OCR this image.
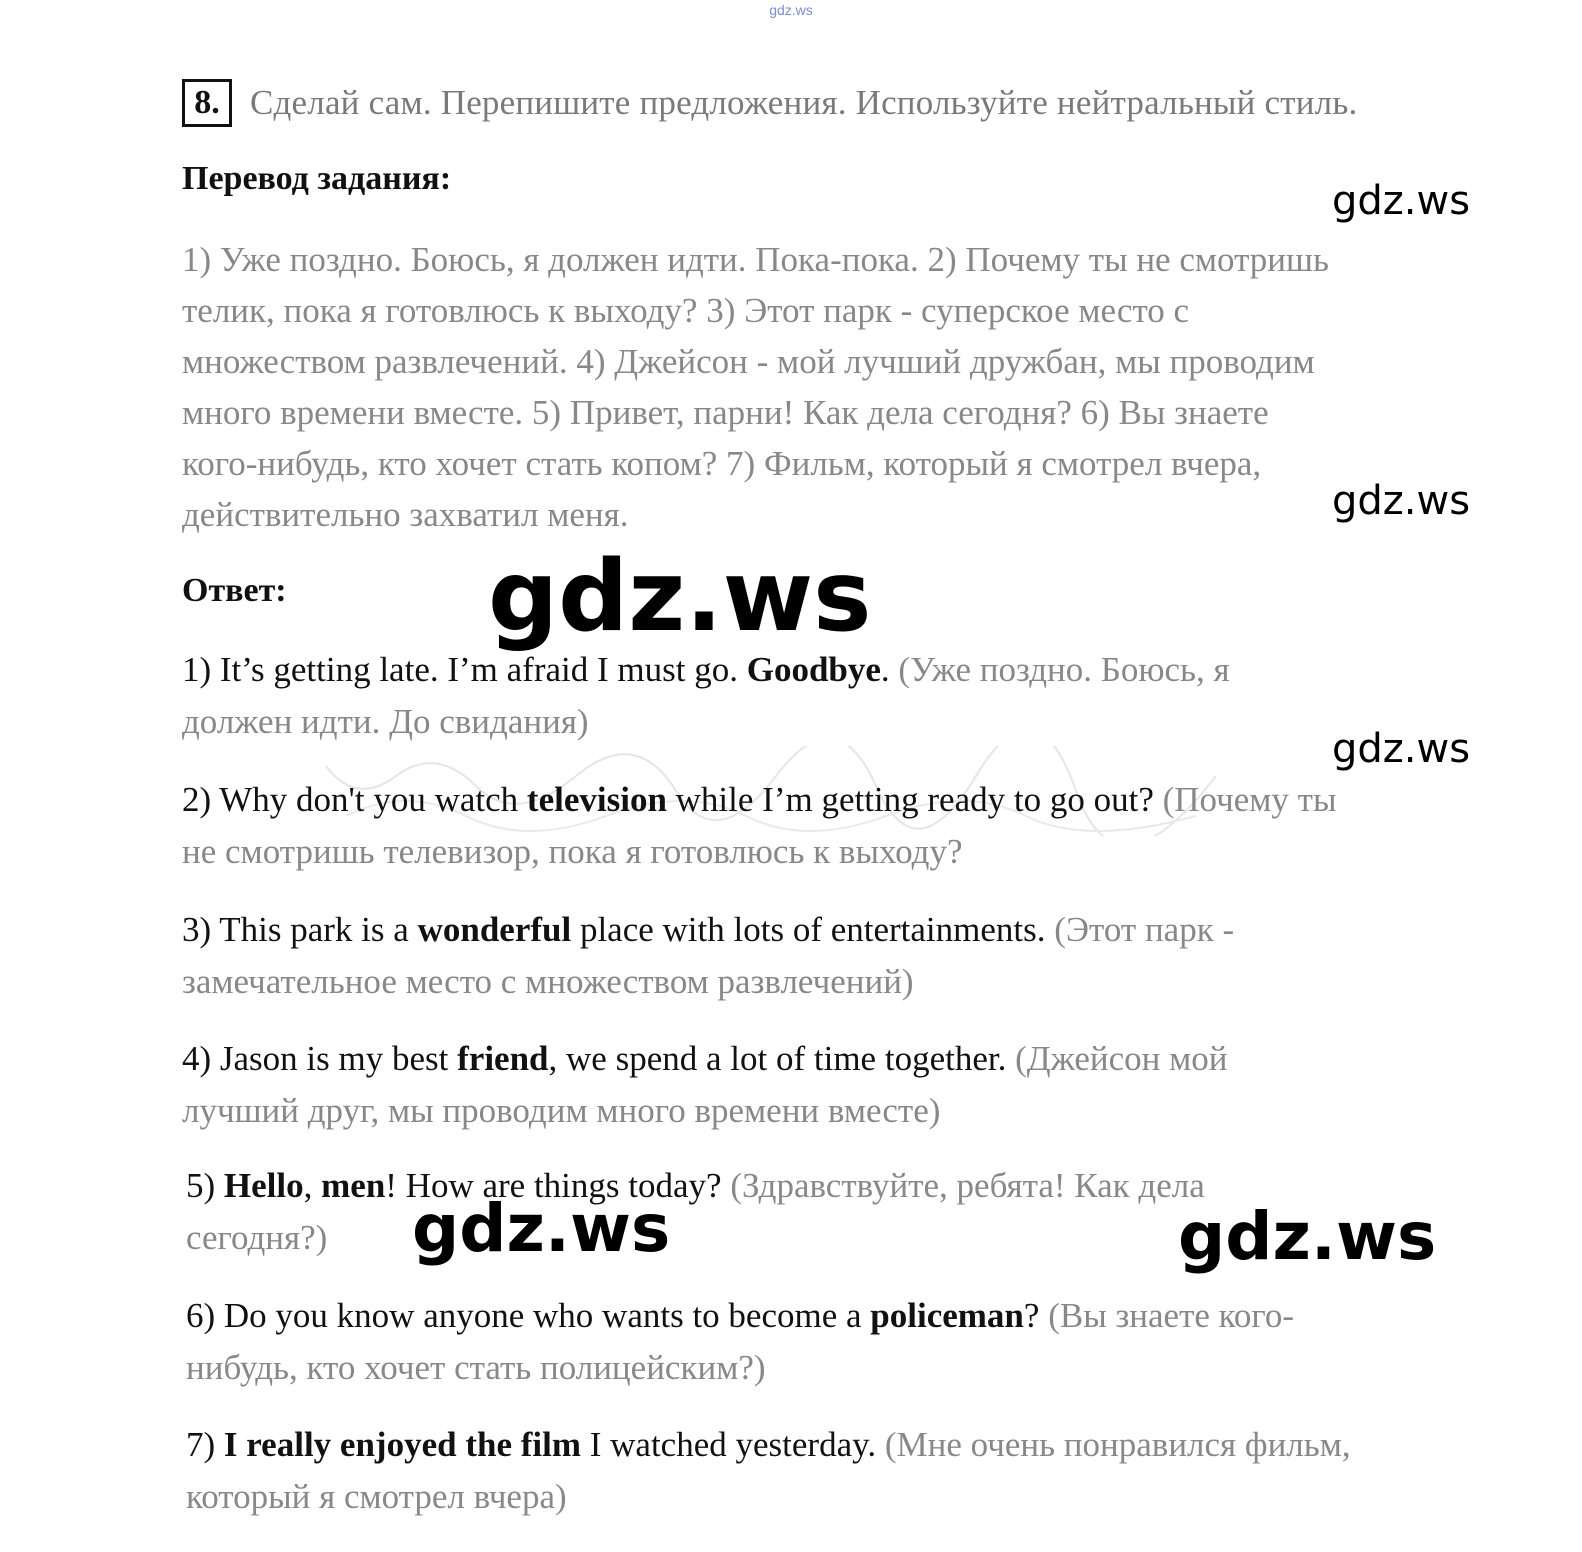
gdz.ws
8. Сделай сам. Перепишите предложения. Используйте нейтральный стиль.
Перевод задания:
1) Уже поздно. Боюсь, я должен идти. Пока-пока. 2) Почему ты не смотришь
телик, пока я готовлюсь к выходу? 3) Этот парк - суперское место с
множеством развлечений. 4) Джейсон - мой лучший дружбан, мы проводим
много времени вместе. 5) Привет, парни! Как дела сегодня? 6) Вы знаете
кого-нибудь, кто хочет стать копом? 7) Фильм, который я смотрел вчера,
действительно захватил меня.
Ответ:
1) It’s getting late. I’m afraid I must go. Goodbye. (Уже поздно. Боюсь, я
должен идти. До свидания)
2) Why don't you watch television while I’m getting ready to go out? (Почему ты
не смотришь телевизор, пока я готовлюсь к выходу?
3) This park is a wonderful place with lots of entertainments. (Этот парк -
замечательное место с множеством развлечений)
4) Jason is my best friend, we spend a lot of time together. (Джейсон мой
лучший друг, мы проводим много времени вместе)
5) Hello, men! How are things today? (Здравствуйте, ребята! Как дела
сегодня?)
6) Do you know anyone who wants to become a policeman? (Вы знаете кого-
нибудь, кто хочет стать полицейским?)
7) I really enjoyed the film I watched yesterday. (Мне очень понравился фильм,
который я смотрел вчера)
gdz.ws
gdz.ws
gdz.ws
gdz.ws
gdz.ws	gdz.ws
